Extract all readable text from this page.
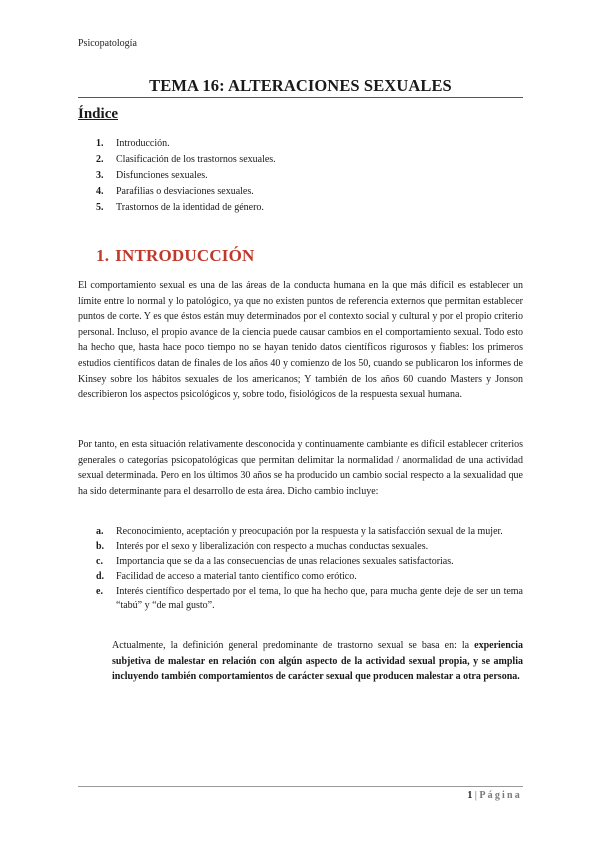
Psicopatología
TEMA 16: ALTERACIONES SEXUALES
Índice
1.	Introducción.
2.	Clasificación de los trastornos sexuales.
3.	Disfunciones sexuales.
4.	Parafilias o desviaciones sexuales.
5.	Trastornos de la identidad de género.
1. INTRODUCCIÓN

El comportamiento sexual es una de las áreas de la conducta humana en la que más difícil es establecer un límite entre lo normal y lo patológico, ya que no existen puntos de referencia externos que permitan establecer puntos de corte. Y es que éstos están muy determinados por el contexto social y cultural y por el propio criterio personal. Incluso, el propio avance de la ciencia puede causar cambios en el comportamiento sexual. Todo esto ha hecho que, hasta hace poco tiempo no se hayan tenido datos científicos rigurosos y fiables: los primeros estudios científicos datan de finales de los años 40 y comienzo de los 50, cuando se publicaron los informes de Kinsey sobre los hábitos sexuales de los americanos; Y también de los años 60 cuando Masters y Jonson describieron los aspectos psicológicos y, sobre todo, fisiológicos de la respuesta sexual humana.

Por tanto, en esta situación relativamente desconocida y continuamente cambiante es difícil establecer criterios generales o categorías psicopatológicas que permitan delimitar la normalidad / anormalidad de una actividad sexual determinada. Pero en los últimos 30 años se ha producido un cambio social respecto a la sexualidad que ha sido determinante para el desarrollo de esta área. Dicho cambio incluye:

a.	Reconocimiento, aceptación y preocupación por la respuesta y la satisfacción sexual de la mujer.
b.	Interés por el sexo y liberalización con respecto a muchas conductas sexuales.
c.	Importancia que se da a las consecuencias de unas relaciones sexuales satisfactorias.
d.	Facilidad de acceso a material tanto científico como erótico.
e.	Interés científico despertado por el tema, lo que ha hecho que, para mucha gente deje de ser un tema “tabú” y “de mal gusto”.

Actualmente, la definición general predominante de trastorno sexual se basa en: la experiencia subjetiva de malestar en relación con algún aspecto de la actividad sexual propia, y se amplia incluyendo también comportamientos de carácter sexual que producen malestar a otra persona.

1 | Página
